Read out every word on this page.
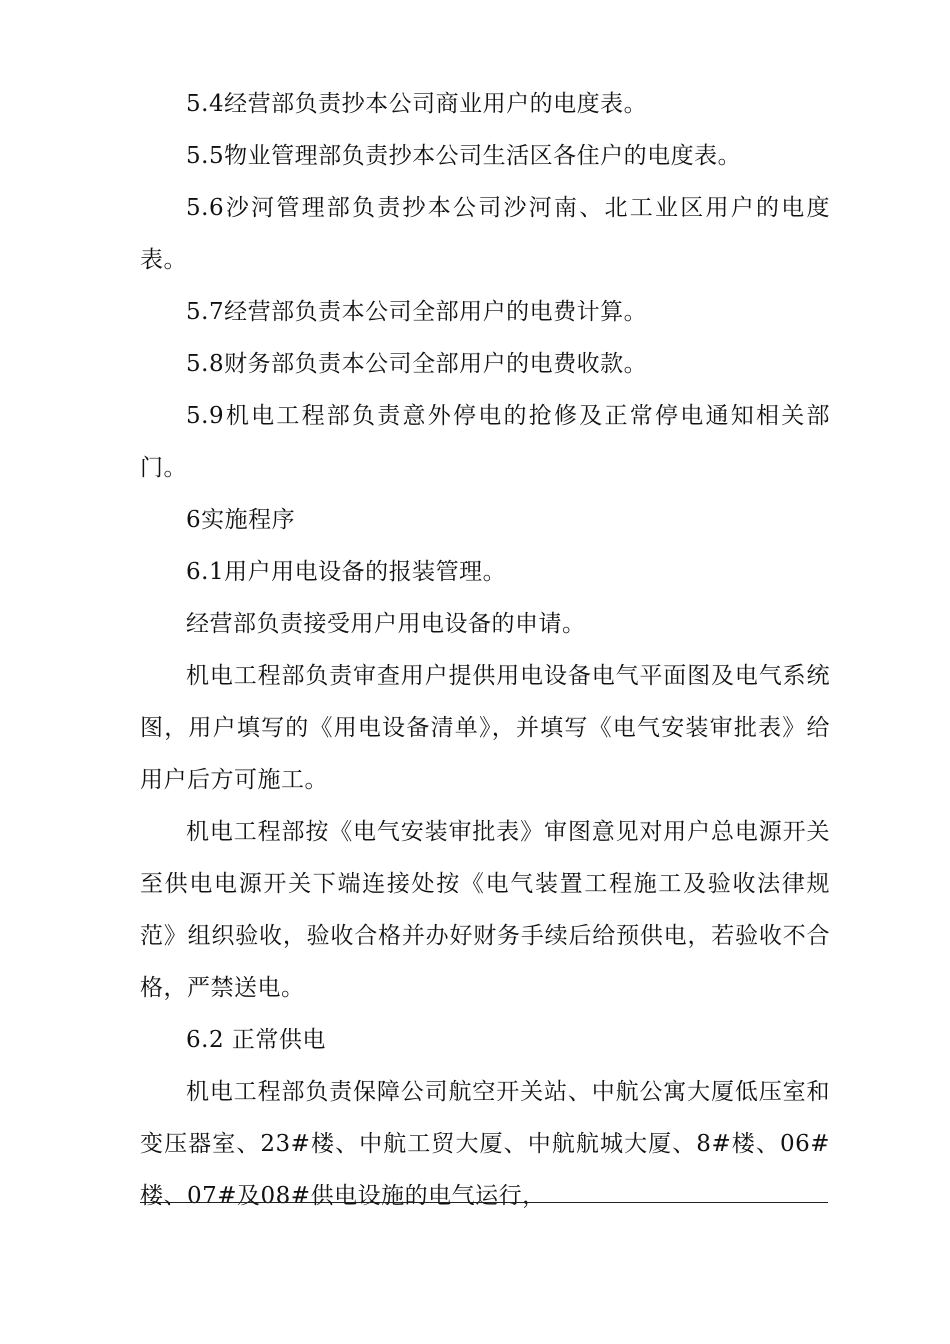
5.4经营部负责抄本公司商业用户的电度表。

5.5物业管理部负责抄本公司生活区各住户的电度表。

5.6沙河管理部负责抄本公司沙河南、北工业区用户的电度表。

5.7经营部负责本公司全部用户的电费计算。

5.8财务部负责本公司全部用户的电费收款。

5.9机电工程部负责意外停电的抢修及正常停电通知相关部门。

6实施程序

6.1用户用电设备的报装管理。

经营部负责接受用户用电设备的申请。

机电工程部负责审查用户提供用电设备电气平面图及电气系统图，用户填写的《用电设备清单》，并填写《电气安装审批表》给用户后方可施工。

机电工程部按《电气安装审批表》审图意见对用户总电源开关至供电电源开关下端连接处按《电气装置工程施工及验收法律规范》组织验收，验收合格并办好财务手续后给预供电，若验收不合格，严禁送电。

6.2 正常供电

机电工程部负责保障公司航空开关站、中航公寓大厦低压室和变压器室、23#楼、中航工贸大厦、中航航城大厦、8#楼、06#楼、07#及08#供电设施的电气运行，
